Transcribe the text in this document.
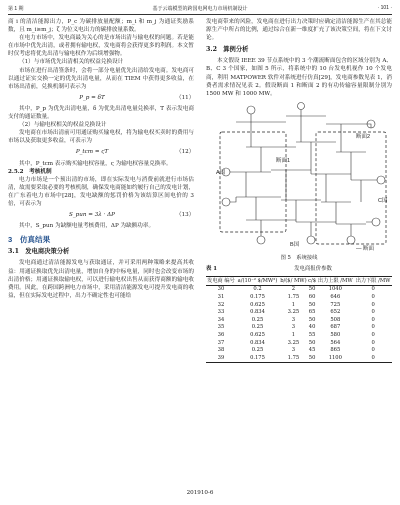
第 1 期	基于云端模型的跨国电网电力市场机制设计	· 101 ·

商 i 的清洁能源出力，P_c 为碳排放量配额；m_i 和 m_j 为通证奖励系数，且 m_i≥m_j；ζ 为位义电出力的碳排放量系数。

在电力市场中，发电商最为关心的是市场出清与输电权的问题。若是能在市场中优先出清，或者拥有输电权，发电商将会获得更多的利润。本文暂时仅考虑将优先出清与输电权作为后续增强物。

（1）与市场优先出清相关的权益兑换设计

市场在进行出清签条时，会将一部分电量优先出清给发电商。发电商可以通过证实交换一定的优先出清电量，从而在 TIEM 中获得更多收益，在市场出清前，兑换机制可表示为

P_p = δT	（11）

其中，P_p 为优先出清电量，δ 为优先出清电量兑换率，T 表示发电商支付的通证数量。

（2）与输电权相关的权益兑换设计

发电商在市场出清前可用通证购买输电权，将为输电权买卖时的费用与市场以及获取更多收益，可表示为

P_tcm = ςT	（12）

其中，P_tcm 表示购买输电权容量，ς 为输电权容量兑换率。

2.5.2　考核机制

电力市场是一个预出清的市场，即在实际发电与消费前就进行市场估清，故需要采取必要的考核机制，确保发电商能如约履行自己的发电计划，在广东着电力市场中[28]，发电缺额的惩罚价格为该结算区间电价的 3 倍，可表示为

S_pun = 3λ · ΔP	（13）

其中，S_pun 为缺额电量考核费用，ΔP 为缺额功率。

3　仿真结果
3.1　发电商决策分析

发电商通过清洁能源发电与获取通证，并可采用两种策略来提高其收益：用通证换取优先出清电量，增加自身的中标电量，同时也会改变市场的出清价格；用通证换取输电权，可以进行输电权出售从而获得商额的输电收费用。因此，在跨国跨洲电力市场中，采用清洁能源发电可提升发电商的收益，但在实际发电过程中，出力不确定性也可能给

发电商带来的风险，发电商在进行出力决策时应确定清洁能源生产在其总能源生产中所占的比例，通过综合在新一维度扩充了该决策空间，将在下文讨论。

3.2　算例分析

本文假设 IEEE 39 节点系统中的 3 个潮流断面包含的区域分别为 A、B、C 3 个国家，如图 5 所示，将系统中的 10 台发电机视作 10 个发电商，利用 MATPOWER 软件对系统进行仿真[29]，发电商参数见表 1，消费者需求情况见表 2。假设断面 1 和断面 2 的有功传输容量限制分别为 1500 MW 和 1000 MW。

A国
B国
C国
断面1
断面2
— 断面
图 5　系统接线
表 1	发电商报价参数
发电商 编号	a/(10⁻² $/MW²)	b/($/ MW)	c/$	出力上限 /MW	出力下限 /MW
30	0.2	2	50	1040	0
31	0.175	1.75	60	646	0
32	0.625	1	50	725	0
33	0.834	3.25	65	652	0
34	0.25	3	50	508	0
35	0.25	3	40	687	0
36	0.625	1	55	580	0
37	0.834	3.25	50	564	0
38	0.25	3	45	865	0
39	0.175	1.75	50	1100	0
201910-6
